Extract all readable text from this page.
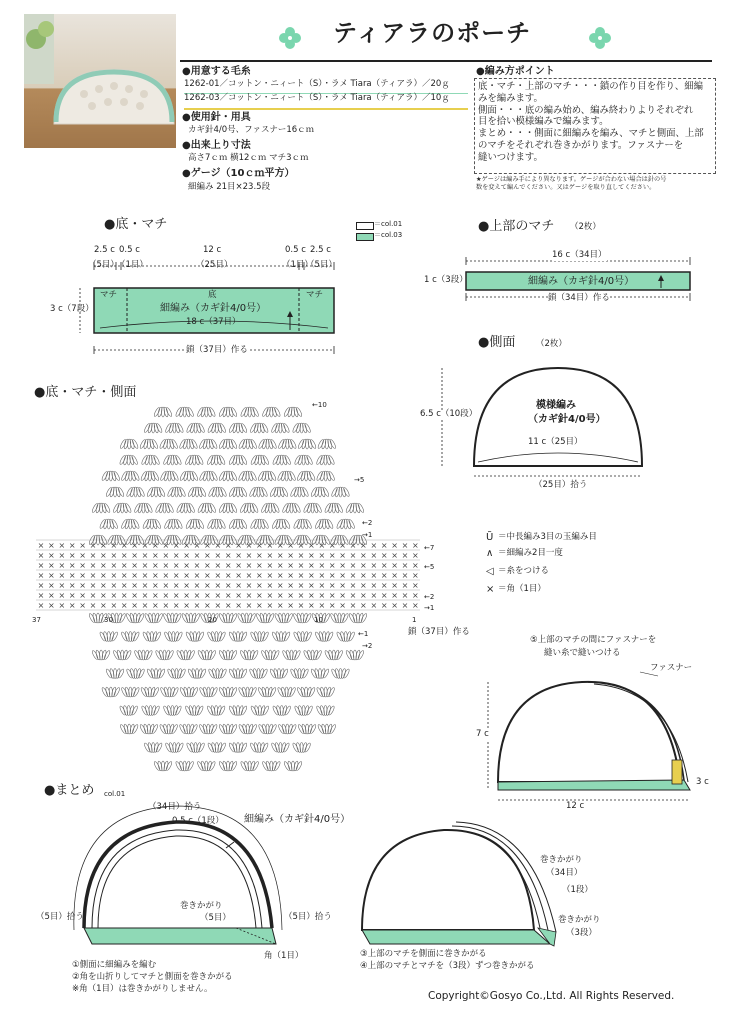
ティアラのポーチ
●用意する毛糸
1262-01／コットン・ニィート（S）・ラメ Tiara（ティアラ）／20ｇ
1262-03／コットン・ニィート（S）・ラメ Tiara（ティアラ）／10ｇ
●使用針・用具
カギ針4/0号、ファスナー16ｃｍ
●出来上り寸法
高さ7ｃｍ 横12ｃｍ マチ3ｃｍ
●ゲージ（10ｃｍ平方）
細編み 21目×23.5段
●編み方ポイント
底・マチ・上部のマチ・・・鎖の作り目を作り、細編
みを編みます。
側面・・・底の編み始め、編み終わりよりそれぞれ
目を拾い模様編みで編みます。
まとめ・・・側面に細編みを編み、マチと側面、上部
のマチをそれぞれ巻きかがります。ファスナーを
縫いつけます。
★ゲージは編み手により異なります。ゲージが合わない場合は針の号
数を変えて編んでください。又はゲージを取り直してください。
●底・マチ	＝col.01
＝col.03
2.5 c 0.5 c	12 c	0.5 c 2.5 c
（5目）
（1目）	（25目）	（1目）
（5目）
マチ	底	マチ
細編み（カギ針4/0号）
18 c（37目）
3 c（7段）
鎖（37目）作る
●上部のマチ （2枚）
16 c（34目）
1 c（3段）	細編み（カギ針4/0号）
鎖（34目）作る
●側面 （2枚）
模様編み
（カギ針4/0号）
6.5 c（10段）
11 c（25目）
（25目）拾う
●底・マチ・側面
× × × × × × × × × × × × × × × × × × × × × × × × × × × × × × × × × × × × ×
× × × × × × × × × × × × × × × × × × × × × × × × × × × × × × × × × × × × ×
× × × × × × × × × × × × × × × × × × × × × × × × × × × × × × × × × × × × ×
× × × × × × × × × × × × × × × × × × × × × × × × × × × × × × × × × × × × ×
× × × × × × × × × × × × × × × × × × × × × × × × × × × × × × × × × × × × ×
× × × × × × × × × × × × × × × × × × × × × × × × × × × × × × × × × × × × ×
× × × × × × × × × × × × × × × × × × × × × × × × × × × × × × × × × × × × ×
←10
→5
←2
→1
←7
←5
←2
→1
37	30	20	10	1
←1
→2
鎖（37目）作る
Ũ ＝中長編み3目の玉編み目
∧ ＝細編み2目一度
◁ ＝糸をつける
× ＝角（1目）
⑤上部のマチの間にファスナーを
縫い糸で縫いつける
ファスナー
7 c
12 c
3 c
●まとめ col.01
（34目）拾う
0.5 c（1段） 細編み（カギ針4/0号）
（5目）拾う	（5目）拾う
巻きかがり
（5目）
角（1目）
巻きかがり
（34目）
（1段）
巻きかがり
（3段）
①側面に細編みを編む
②角を山折りしてマチと側面を巻きかがる
※角（1目）は巻きかがりしません。
③上部のマチを側面に巻きかがる
④上部のマチとマチを（3段）ずつ巻きかがる
Copyright©Gosyo Co.,Ltd. All Rights Reserved.
